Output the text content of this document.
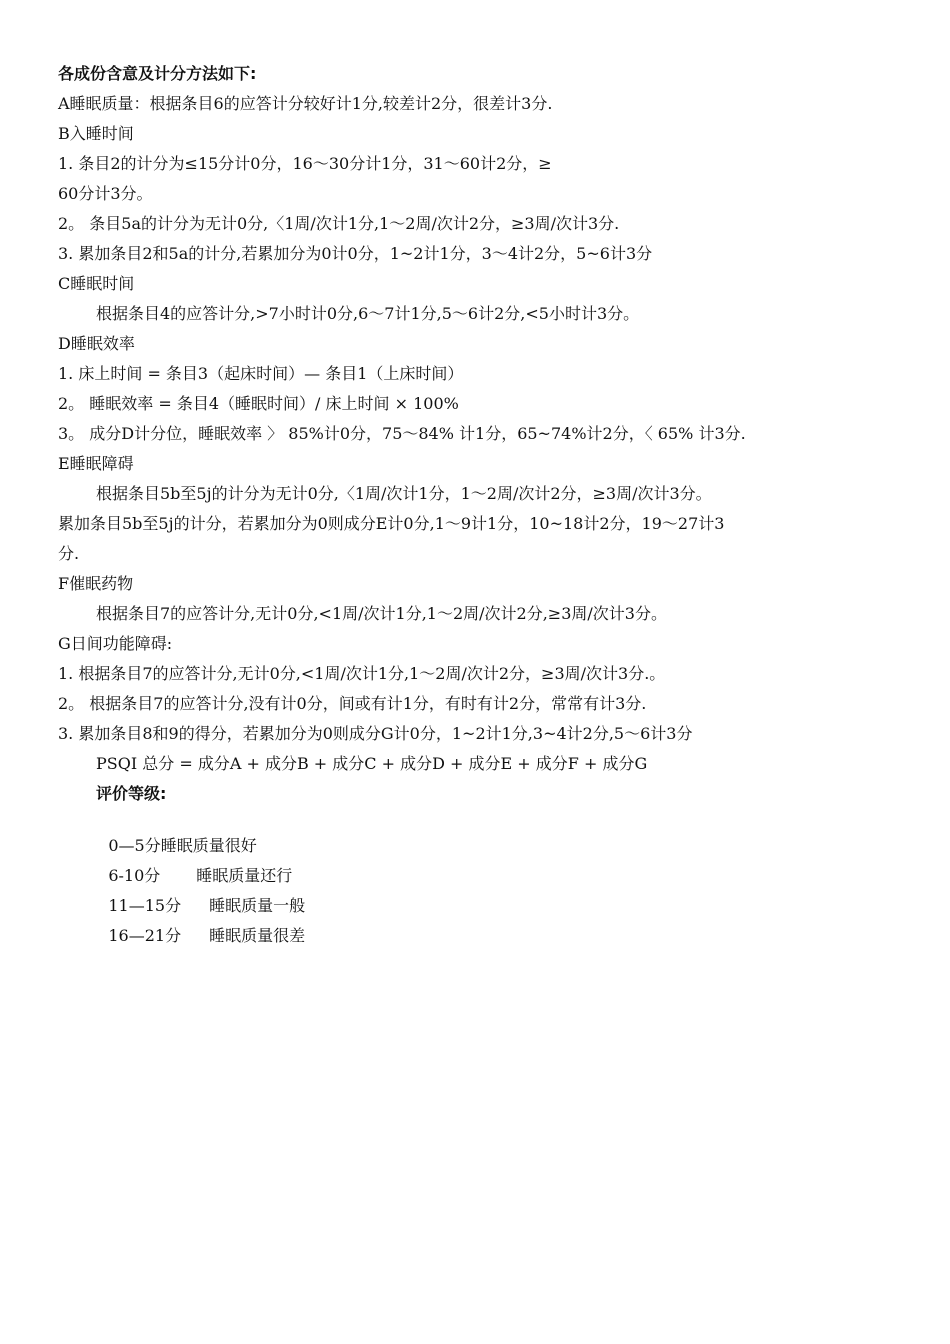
各成份含意及计分方法如下:
A睡眠质量：根据条目6的应答计分较好计1分,较差计2分，很差计3分.
B入睡时间
1. 条目2的计分为≤15分计0分，16～30分计1分，31～60计2分，≥
60分计3分。
2。 条目5a的计分为无计0分,〈1周/次计1分,1～2周/次计2分，≥3周/次计3分.
3. 累加条目2和5a的计分,若累加分为0计0分，1~2计1分，3～4计2分，5~6计3分
C睡眠时间
根据条目4的应答计分,>7小时计0分,6～7计1分,5～6计2分,<5小时计3分。
D睡眠效率
1. 床上时间 = 条目3（起床时间）— 条目1（上床时间）
2。 睡眠效率 = 条目4（睡眠时间）/ 床上时间 × 100%
3。 成分D计分位，睡眠效率 〉 85%计0分，75～84% 计1分，65~74%计2分，〈 65% 计3分.
E睡眠障碍
根据条目5b至5j的计分为无计0分,〈1周/次计1分，1～2周/次计2分，≥3周/次计3分。
累加条目5b至5j的计分，若累加分为0则成分E计0分,1～9计1分，10~18计2分，19～27计3
分.
F催眠药物
根据条目7的应答计分,无计0分,<1周/次计1分,1～2周/次计2分,≥3周/次计3分。
G日间功能障碍:
1. 根据条目7的应答计分,无计0分,<1周/次计1分,1～2周/次计2分，≥3周/次计3分.。
2。 根据条目7的应答计分,没有计0分，间或有计1分，有时有计2分，常常有计3分.
3. 累加条目8和9的得分，若累加分为0则成分G计0分，1~2计1分,3~4计2分,5～6计3分
PSQI 总分 = 成分A + 成分B + 成分C + 成分D + 成分E + 成分F + 成分G
评价等级:

0—5分睡眠质量很好

6-10分 睡眠质量还行

11—15分 睡眠质量一般

16—21分 睡眠质量很差
